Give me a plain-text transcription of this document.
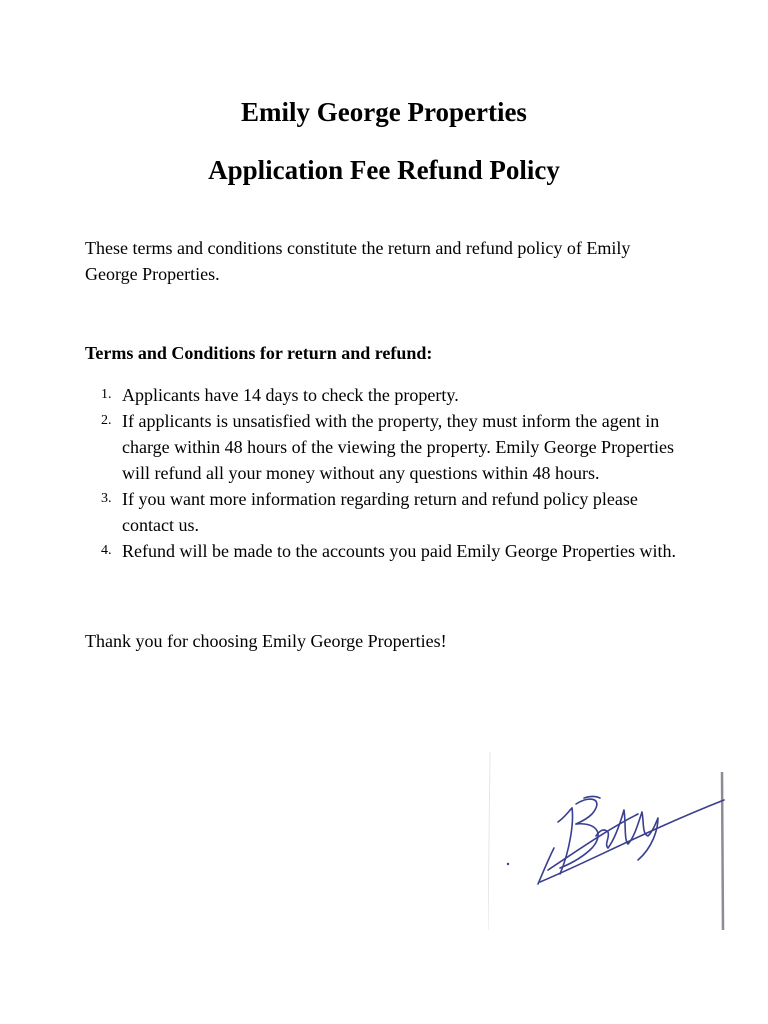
Emily George Properties
Application Fee Refund Policy

These terms and conditions constitute the return and refund policy of Emily George Properties.

Terms and Conditions for return and refund:

1. Applicants have 14 days to check the property.
2. If applicants is unsatisfied with the property, they must inform the agent in charge within 48 hours of the viewing the property. Emily George Properties will refund all your money without any questions within 48 hours.
3. If you want more information regarding return and refund policy please contact us.
4. Refund will be made to the accounts you paid Emily George Properties with.

Thank you for choosing Emily George Properties!
